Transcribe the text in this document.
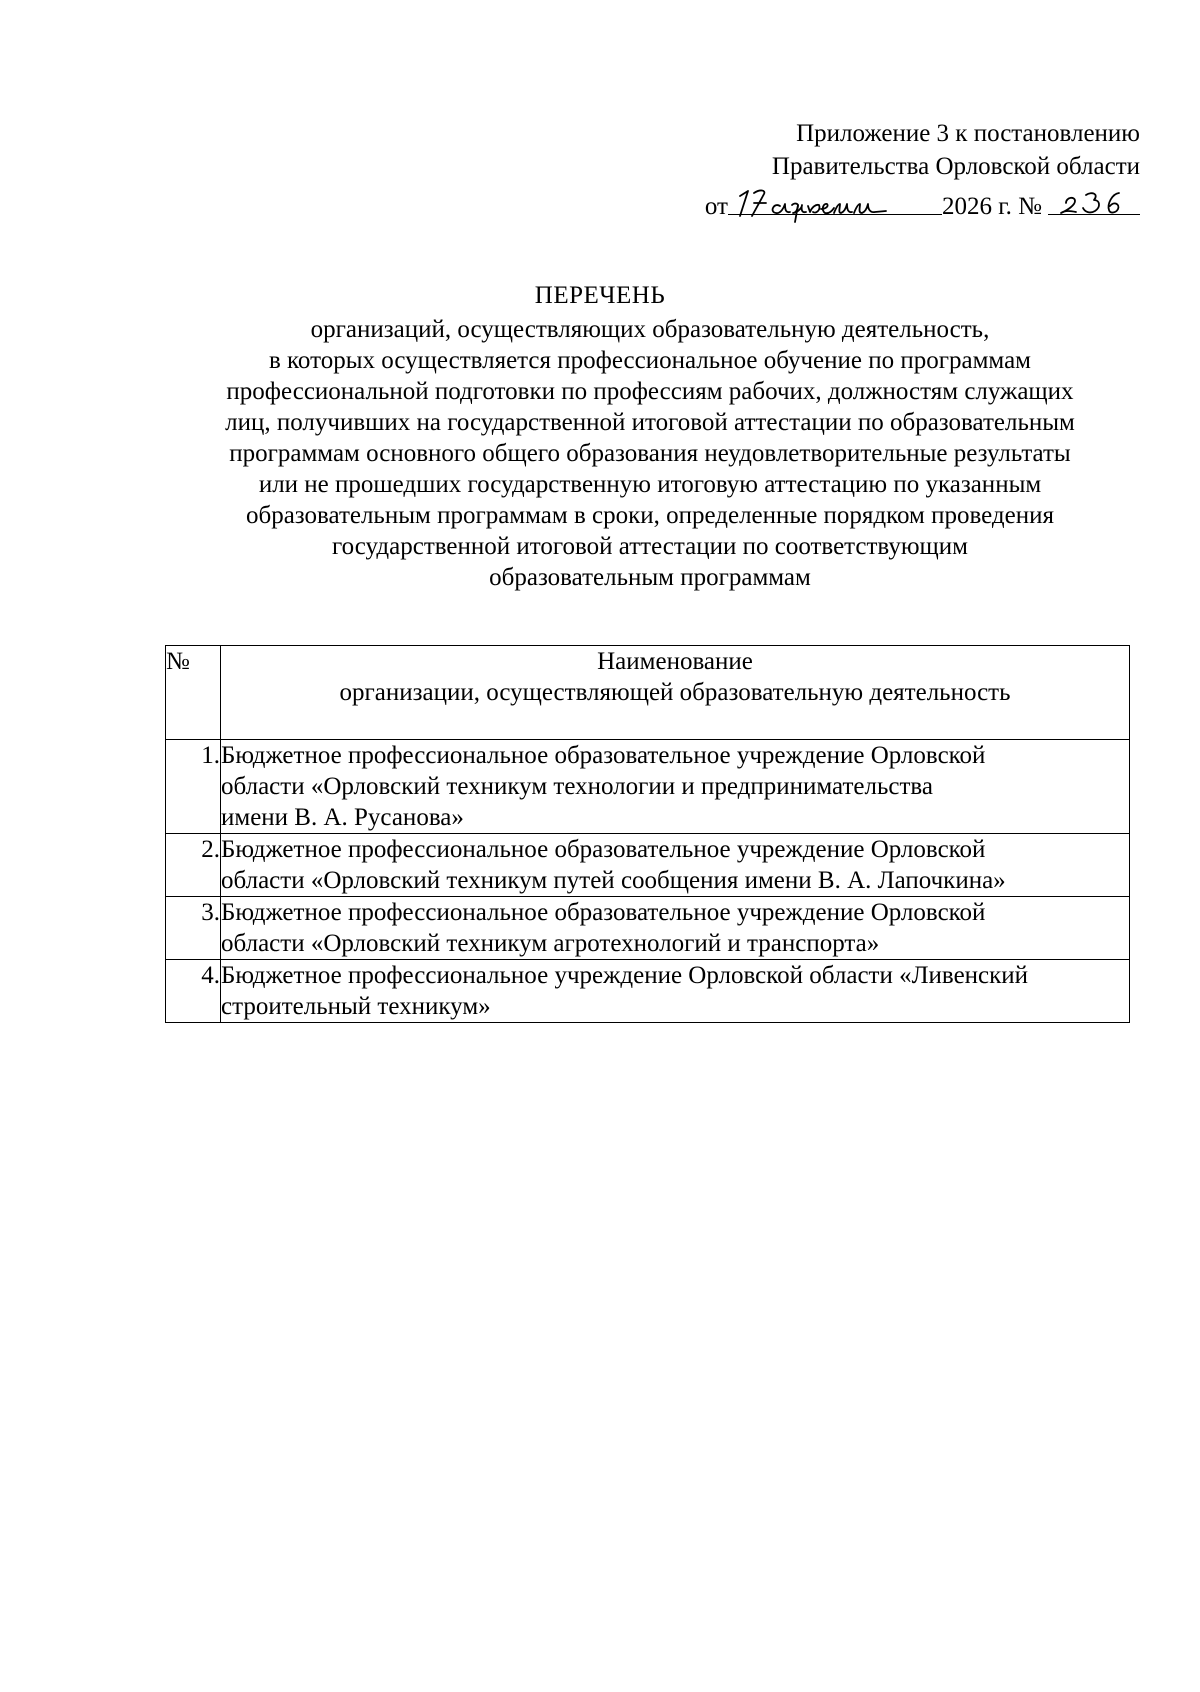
Приложение 3 к постановлению
Правительства Орловской области
от	2026 г. №
ПЕРЕЧЕНЬ
организаций, осуществляющих образовательную деятельность,
в которых осуществляется профессиональное обучение по программам
профессиональной подготовки по профессиям рабочих, должностям служащих
лиц, получивших на государственной итоговой аттестации по образовательным
программам основного общего образования неудовлетворительные результаты
или не прошедших государственную итоговую аттестацию по указанным
образовательным программам в сроки, определенные порядком проведения
государственной итоговой аттестации по соответствующим
образовательным программам
№	Наименование
организации, осуществляющей образовательную деятельность

1.	Бюджетное профессиональное образовательное учреждение Орловской
области «Орловский техникум технологии и предпринимательства
имени В. А. Русанова»

2.	Бюджетное профессиональное образовательное учреждение Орловской
области «Орловский техникум путей сообщения имени В. А. Лапочкина»

3.	Бюджетное профессиональное образовательное учреждение Орловской
области «Орловский техникум агротехнологий и транспорта»

4.	Бюджетное профессиональное учреждение Орловской области «Ливенский
строительный техникум»
